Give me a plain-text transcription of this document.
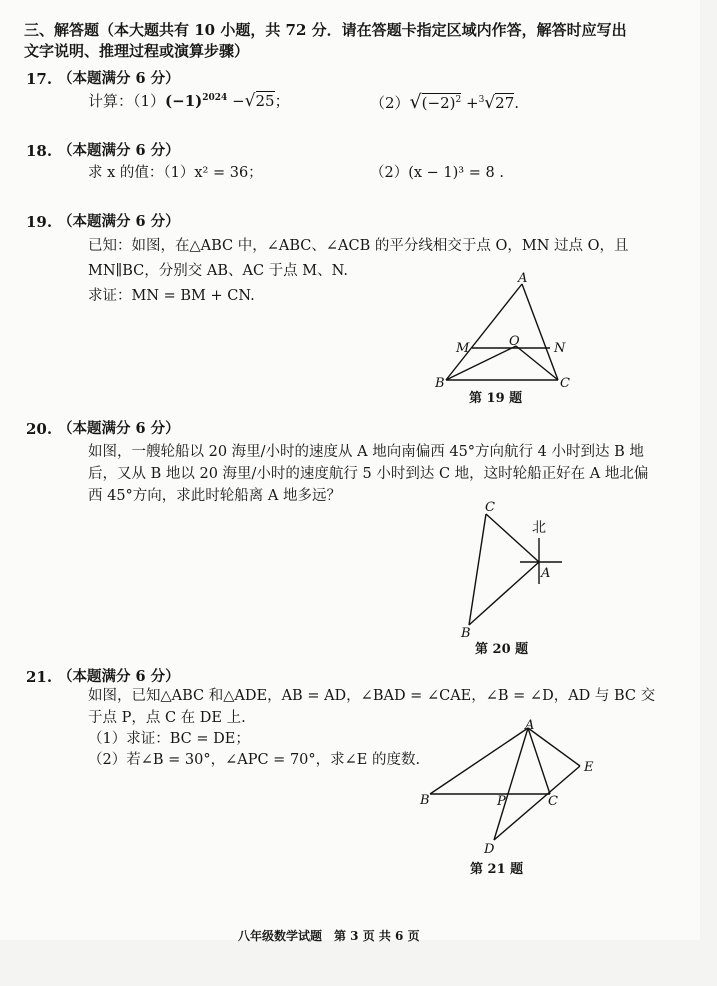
三、解答题（本大题共有 10 小题，共 72 分．请在答题卡指定区域内作答，解答时应写出
文字说明、推理过程或演算步骤）
17. （本题满分 6 分）
计算：$(1)(-1)^{2024} -√25$；	$(2)√(-2)^2 +^3√27$.
18. （本题满分 6 分）
求 x 的值：（1）x² = 36；	（2）(x − 1)³ = 8 .
19. （本题满分 6 分）
已知：如图，在△ABC 中，∠ABC、∠ACB 的平分线相交于点 O，MN 过点 O，且
MN∥BC，分别交 AB、AC 于点 M、N.
求证：MN = BM + CN.
A
M	O	N
B	C
第 19 题
20. （本题满分 6 分）
如图，一艘轮船以 20 海里/小时的速度从 A 地向南偏西 45°方向航行 4 小时到达 B 地
后，又从 B 地以 20 海里/小时的速度航行 5 小时到达 C 地，这时轮船正好在 A 地北偏
西 45°方向，求此时轮船离 A 地多远？
北
C
A
B
第 20 题
21. （本题满分 6 分）
如图，已知△ABC 和△ADE，AB = AD，∠BAD = ∠CAE，∠B = ∠D，AD 与 BC 交
于点 P，点 C 在 DE 上.
（1）求证：BC = DE；
（2）若∠B = 30°，∠APC = 70°，求∠E 的度数.
A
B	P	C
E
D
第 21 题
八年级数学试题　第 3 页 共 6 页
